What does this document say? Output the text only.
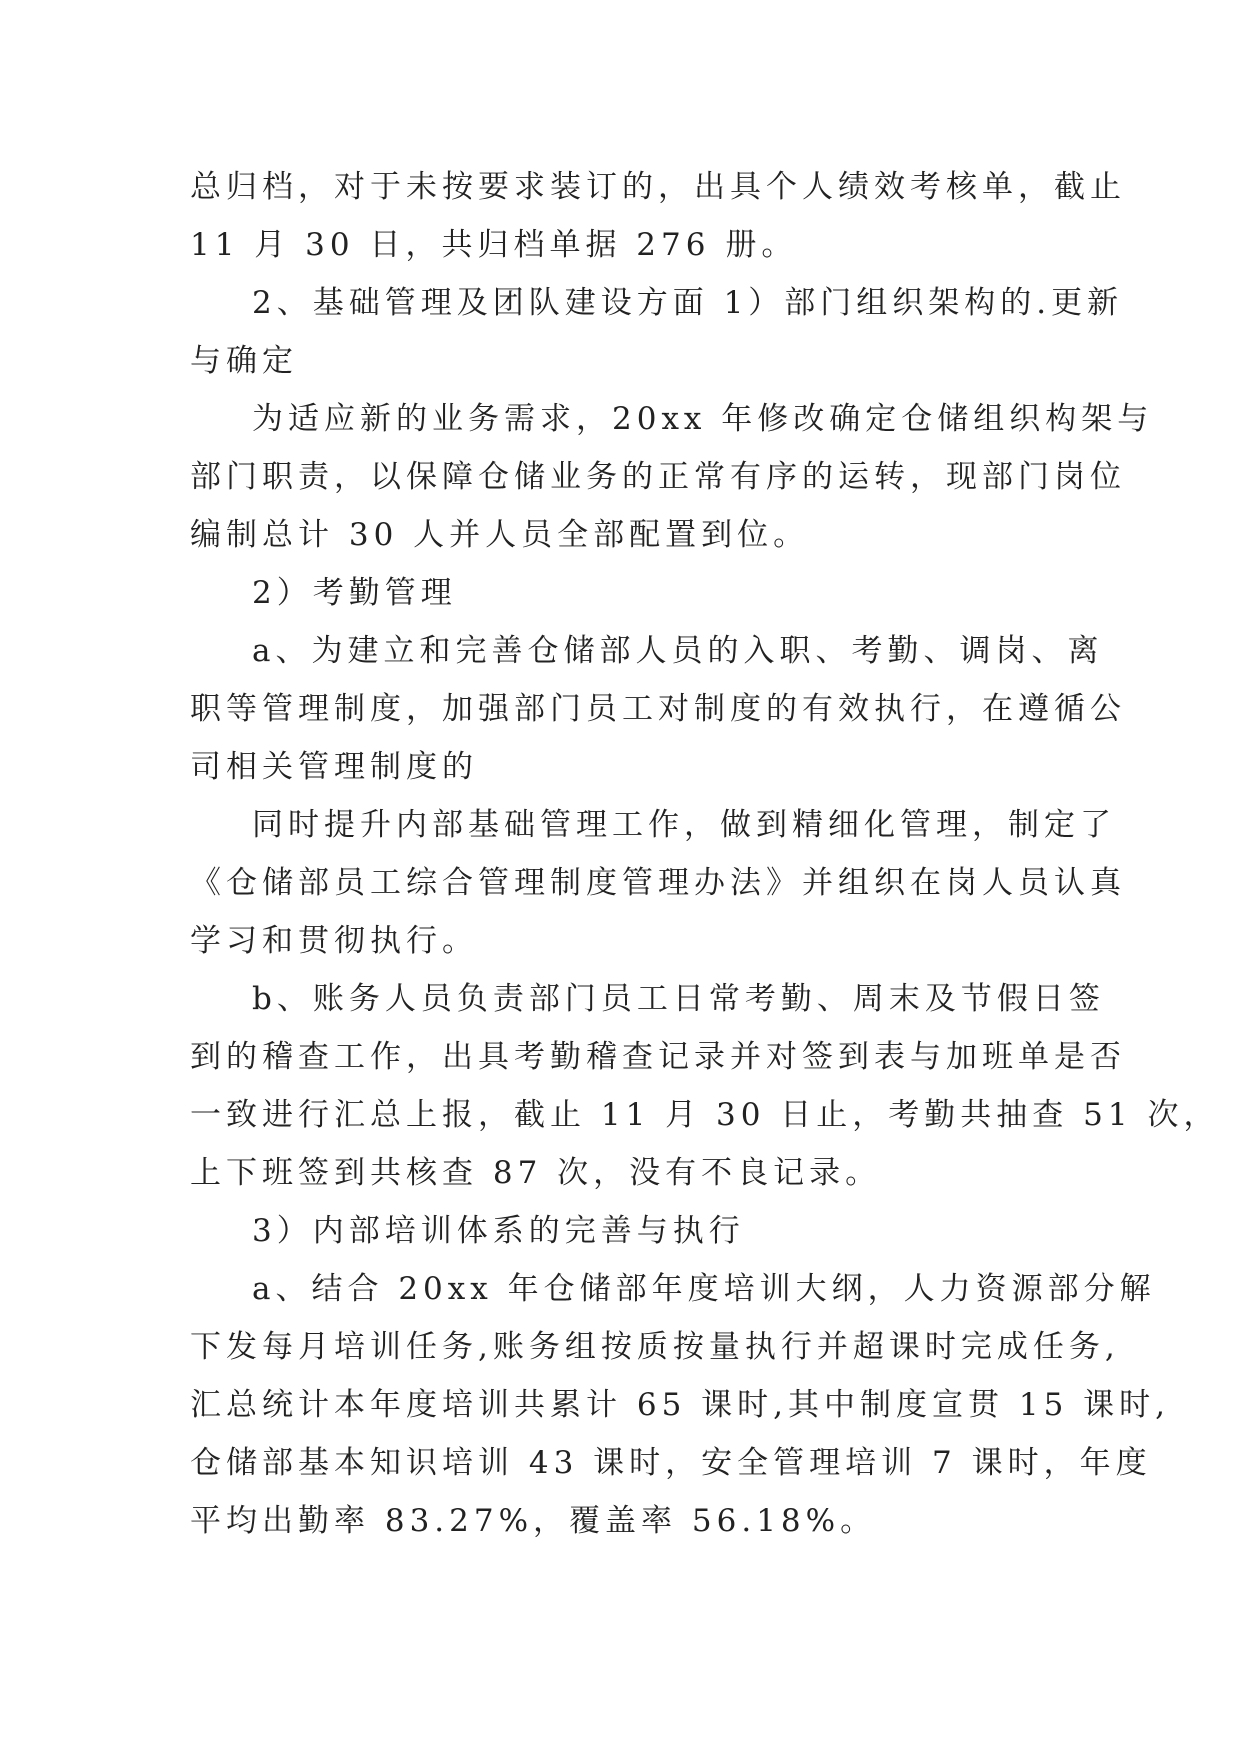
总归档，对于未按要求装订的，出具个人绩效考核单，截止
11 月 30 日，共归档单据 276 册。
2、基础管理及团队建设方面 1）部门组织架构的.更新
与确定
为适应新的业务需求，20xx 年修改确定仓储组织构架与
部门职责，以保障仓储业务的正常有序的运转，现部门岗位
编制总计 30 人并人员全部配置到位。
2）考勤管理
a、为建立和完善仓储部人员的入职、考勤、调岗、离
职等管理制度，加强部门员工对制度的有效执行，在遵循公
司相关管理制度的
同时提升内部基础管理工作，做到精细化管理，制定了
《仓储部员工综合管理制度管理办法》并组织在岗人员认真
学习和贯彻执行。
b、账务人员负责部门员工日常考勤、周末及节假日签
到的稽查工作，出具考勤稽查记录并对签到表与加班单是否
一致进行汇总上报，截止 11 月 30 日止，考勤共抽查 51 次，
上下班签到共核查 87 次，没有不良记录。
3）内部培训体系的完善与执行
a、结合 20xx 年仓储部年度培训大纲，人力资源部分解
下发每月培训任务,账务组按质按量执行并超课时完成任务,
汇总统计本年度培训共累计 65 课时,其中制度宣贯 15 课时,
仓储部基本知识培训 43 课时，安全管理培训 7 课时，年度
平均出勤率 83.27%，覆盖率 56.18%。
